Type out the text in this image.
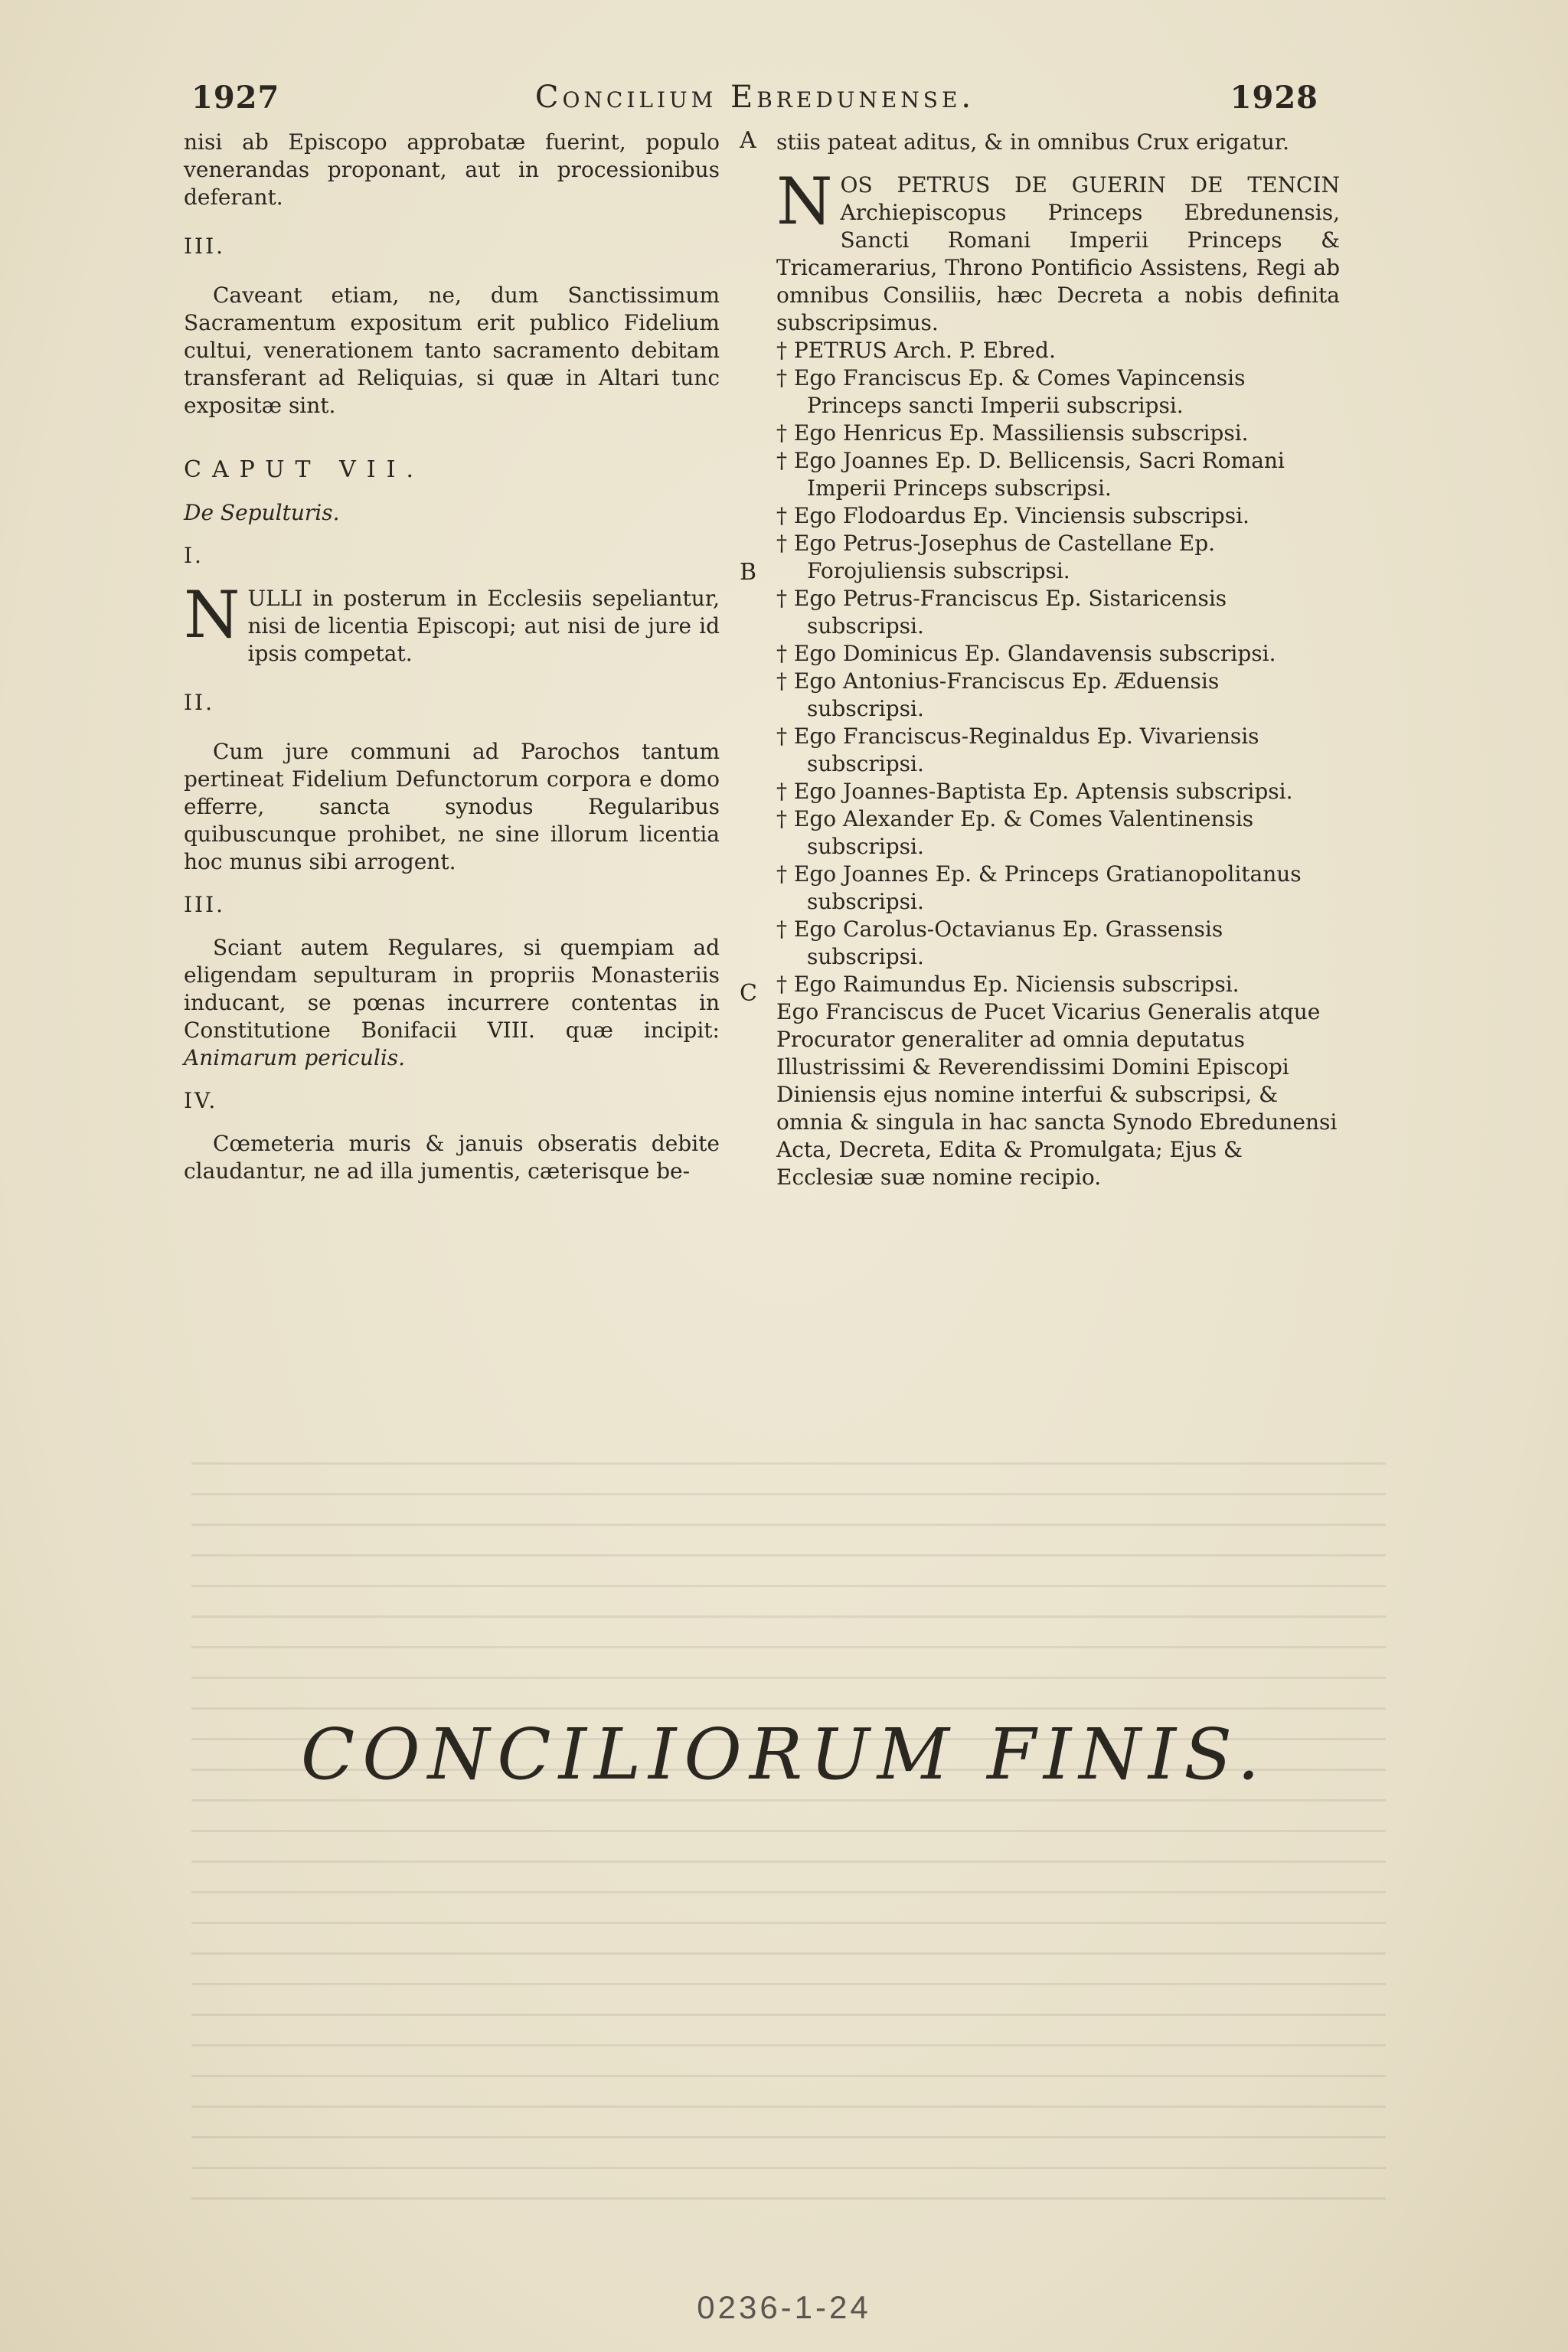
1927	Concilium Ebredunense.	1928
A
B
C

nisi ab Episcopo approbatæ fuerint, populo venerandas proponant, aut in processionibus deferant.

III.

Caveant etiam, ne, dum Sanctissimum Sacramentum expositum erit publico Fidelium cultui, venerationem tanto sacramento debitam transferant ad Reliquias, si quæ in Altari tunc expositæ sint.

CAPUT VII.

De Sepulturis.

I.

NULLI in posterum in Ecclesiis sepeliantur, nisi de licentia Episcopi; aut nisi de jure id ipsis competat.

II.

Cum jure communi ad Parochos tantum pertineat Fidelium Defunctorum corpora e domo efferre, sancta synodus Regularibus quibuscunque prohibet, ne sine illorum licentia hoc munus sibi arrogent.

III.

Sciant autem Regulares, si quempiam ad eligendam sepulturam in propriis Monasteriis inducant, se pœnas incurrere contentas in Constitutione Bonifacii VIII. quæ incipit: Animarum periculis.

IV.

Cœmeteria muris & januis obseratis debite claudantur, ne ad illa jumentis, cæterisque be-

stiis pateat aditus, & in omnibus Crux erigatur.

NOS PETRUS DE GUERIN DE TENCIN Archiepiscopus Princeps Ebredunensis, Sancti Romani Imperii Princeps & Tricamerarius, Throno Pontificio Assistens, Regi ab omnibus Consiliis, hæc Decreta a nobis definita subscripsimus.

† PETRUS Arch. P. Ebred.

† Ego Franciscus Ep. & Comes Vapincensis Princeps sancti Imperii subscripsi.

† Ego Henricus Ep. Massiliensis subscripsi.

† Ego Joannes Ep. D. Bellicensis, Sacri Romani Imperii Princeps subscripsi.

† Ego Flodoardus Ep. Vinciensis subscripsi.

† Ego Petrus-Josephus de Castellane Ep. Forojuliensis subscripsi.

† Ego Petrus-Franciscus Ep. Sistaricensis subscripsi.

† Ego Dominicus Ep. Glandavensis subscripsi.

† Ego Antonius-Franciscus Ep. Æduensis subscripsi.

† Ego Franciscus-Reginaldus Ep. Vivariensis subscripsi.

† Ego Joannes-Baptista Ep. Aptensis subscripsi.

† Ego Alexander Ep. & Comes Valentinensis subscripsi.

† Ego Joannes Ep. & Princeps Gratianopolitanus subscripsi.

† Ego Carolus-Octavianus Ep. Grassensis subscripsi.

† Ego Raimundus Ep. Niciensis subscripsi.

Ego Franciscus de Pucet Vicarius Generalis atque Procurator generaliter ad omnia deputatus Illustrissimi & Reverendissimi Domini Episcopi Diniensis ejus nomine interfui & subscripsi, & omnia & singula in hac sancta Synodo Ebredunensi Acta, Decreta, Edita & Promulgata; Ejus & Ecclesiæ suæ nomine recipio.

CONCILIORUM FINIS.
0236-1-24
